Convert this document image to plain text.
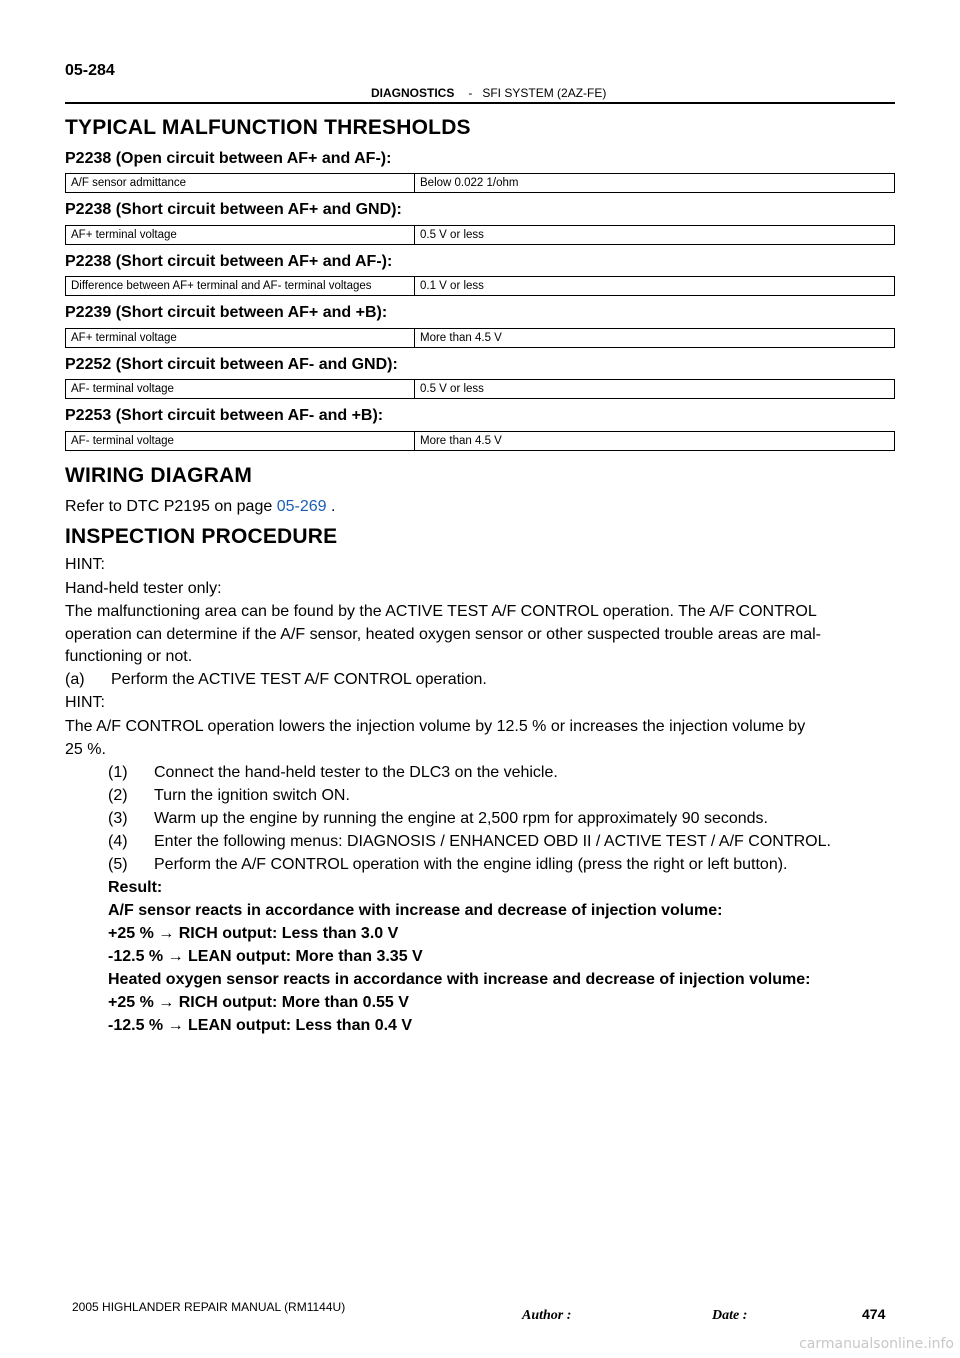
05-284
DIAGNOSTICS - SFI SYSTEM (2AZ-FE)
TYPICAL MALFUNCTION THRESHOLDS
P2238 (Open circuit between AF+ and AF-):
A/F sensor admittance	Below 0.022 1/ohm
P2238 (Short circuit between AF+ and GND):
AF+ terminal voltage	0.5 V or less
P2238 (Short circuit between AF+ and AF-):
Difference between AF+ terminal and AF- terminal voltages	0.1 V or less
P2239 (Short circuit between AF+ and +B):
AF+ terminal voltage	More than 4.5 V
P2252 (Short circuit between AF- and GND):
AF- terminal voltage	0.5 V or less
P2253 (Short circuit between AF- and +B):
AF- terminal voltage	More than 4.5 V
WIRING DIAGRAM
Refer to DTC P2195 on page 05-269 .
INSPECTION PROCEDURE
HINT:
Hand-held tester only:
The malfunctioning area can be found by the ACTIVE TEST A/F CONTROL operation. The A/F CONTROL
operation can determine if the A/F sensor, heated oxygen sensor or other suspected trouble areas are mal-
functioning or not.
(a) Perform the ACTIVE TEST A/F CONTROL operation.
HINT:
The A/F CONTROL operation lowers the injection volume by 12.5 % or increases the injection volume by
25 %.
(1) Connect the hand-held tester to the DLC3 on the vehicle.
(2) Turn the ignition switch ON.
(3) Warm up the engine by running the engine at 2,500 rpm for approximately 90 seconds.
(4) Enter the following menus: DIAGNOSIS / ENHANCED OBD II / ACTIVE TEST / A/F CONTROL.
(5) Perform the A/F CONTROL operation with the engine idling (press the right or left button).
Result:
A/F sensor reacts in accordance with increase and decrease of injection volume:
+25 % → RICH output: Less than 3.0 V
-12.5 % → LEAN output: More than 3.35 V
Heated oxygen sensor reacts in accordance with increase and decrease of injection volume:
+25 % → RICH output: More than 0.55 V
-12.5 % → LEAN output: Less than 0.4 V
2005 HIGHLANDER REPAIR MANUAL (RM1144U)
Author :	Date :	474
carmanualsonline.info
